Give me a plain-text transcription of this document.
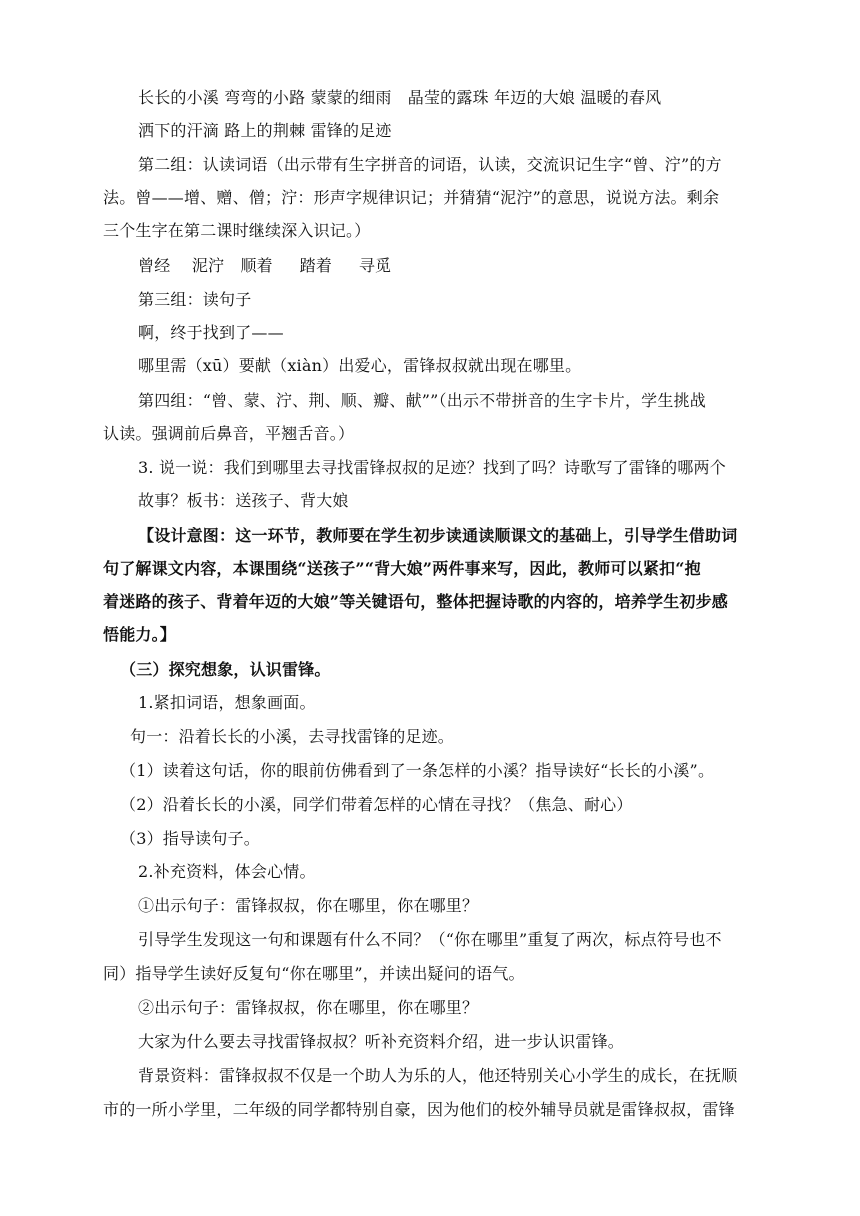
长长的小溪 弯弯的小路 蒙蒙的细雨　晶莹的露珠 年迈的大娘 温暖的春风
洒下的汗滴 路上的荆棘 雷锋的足迹
第二组：认读词语（出示带有生字拼音的词语，认读，交流识记生字“曾、泞”的方
法。曾——增、赠、僧；泞：形声字规律识记；并猜猜“泥泞”的意思，说说方法。剩余
三个生字在第二课时继续深入识记。）
曾经　 泥泞　顺着 　 踏着 　 寻觅
第三组：读句子
啊，终于找到了——
哪里需（xū）要献（xiàn）出爱心，雷锋叔叔就出现在哪里。
第四组：“曾、蒙、泞、荆、顺、瓣、献””（出示不带拼音的生字卡片，学生挑战
认读。强调前后鼻音，平翘舌音。）
3. 说一说：我们到哪里去寻找雷锋叔叔的足迹？找到了吗？诗歌写了雷锋的哪两个
故事？板书：送孩子、背大娘
【设计意图：这一环节，教师要在学生初步读通读顺课文的基础上，引导学生借助词
句了解课文内容，本课围绕“送孩子”“背大娘”两件事来写，因此，教师可以紧扣“抱
着迷路的孩子、背着年迈的大娘”等关键语句，整体把握诗歌的内容的，培养学生初步感
悟能力。】
（三）探究想象，认识雷锋。
1.紧扣词语，想象画面。
句一：沿着长长的小溪，去寻找雷锋的足迹。
（1）读着这句话，你的眼前仿佛看到了一条怎样的小溪？指导读好“长长的小溪”。
（2）沿着长长的小溪，同学们带着怎样的心情在寻找？（焦急、耐心）
（3）指导读句子。
2.补充资料，体会心情。
①出示句子：雷锋叔叔，你在哪里，你在哪里？
引导学生发现这一句和课题有什么不同？（“你在哪里”重复了两次，标点符号也不
同）指导学生读好反复句“你在哪里”，并读出疑问的语气。
②出示句子：雷锋叔叔，你在哪里，你在哪里？
大家为什么要去寻找雷锋叔叔？听补充资料介绍，进一步认识雷锋。
背景资料：雷锋叔叔不仅是一个助人为乐的人，他还特别关心小学生的成长，在抚顺
市的一所小学里，二年级的同学都特别自豪，因为他们的校外辅导员就是雷锋叔叔，雷锋
